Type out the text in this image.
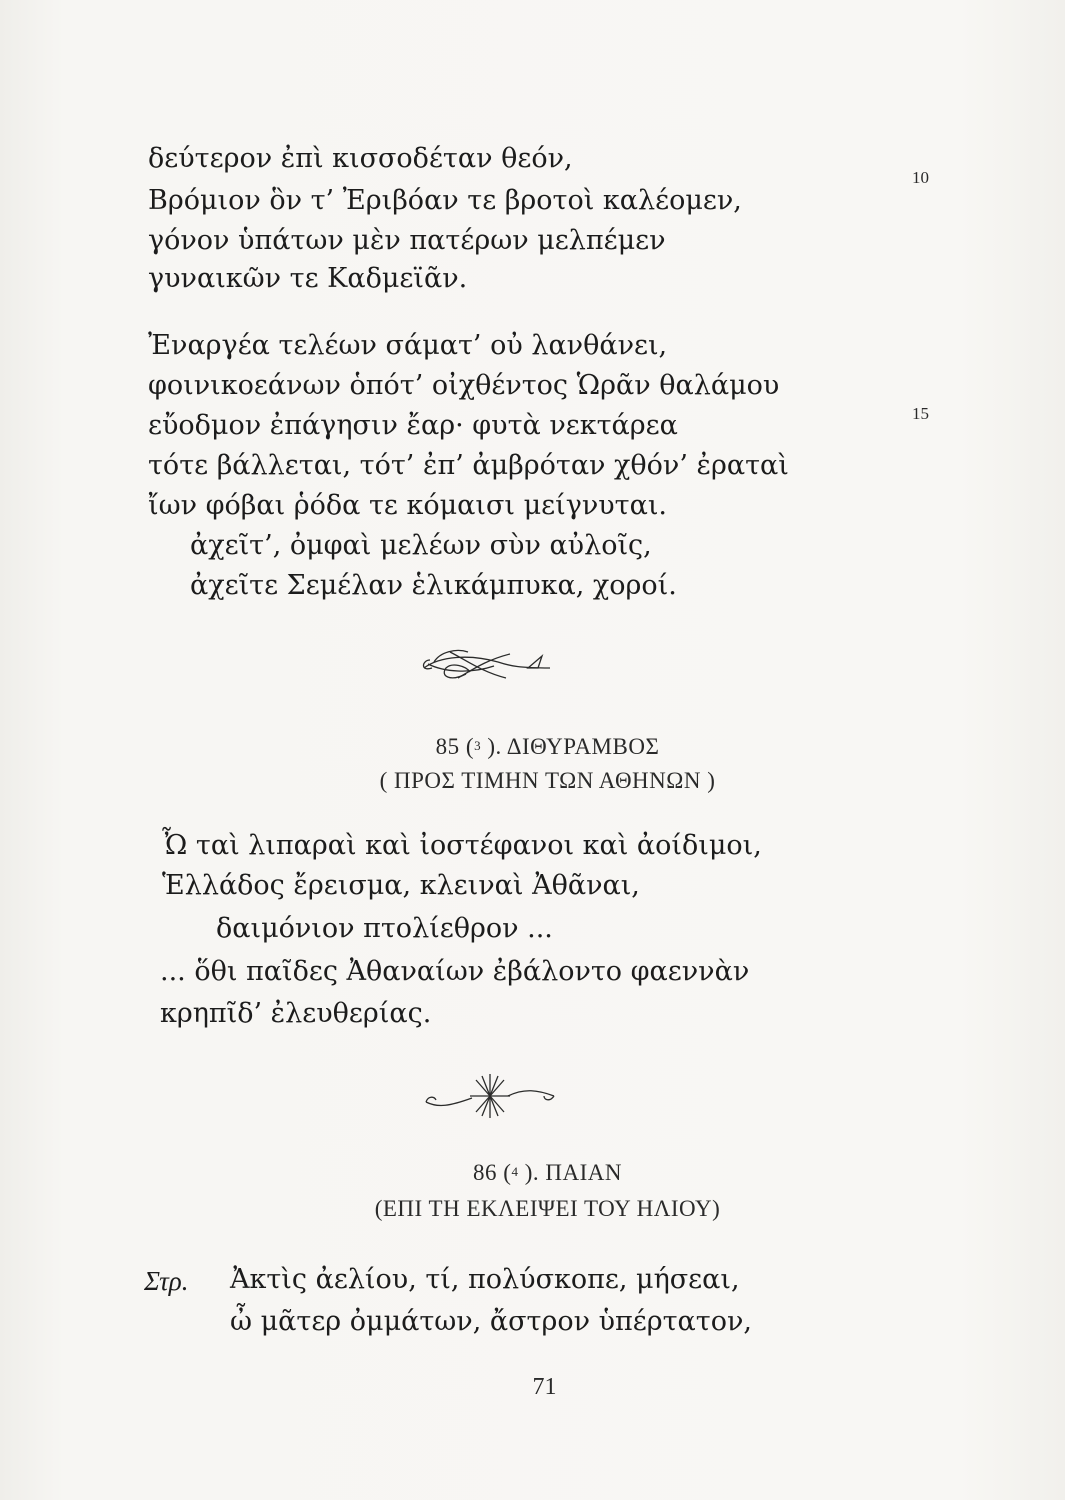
δεύτερον ἐπὶ κισσοδέταν θεόν,
Βρόμιον ὃν τ’ Ἐριβόαν τε βροτοὶ καλέομεν,
10
γόνον ὑπάτων μὲν πατέρων μελπέμεν
γυναικῶν τε Καδμεϊᾶν.
Ἐναργέα τελέων σάματ’ οὐ λανθάνει,
φοινικοεάνων ὁπότ’ οἰχθέντος Ὡρᾶν θαλάμου
εὔοδμον ἐπάγησιν ἔαρ· φυτὰ νεκτάρεα	15
τότε βάλλεται, τότ’ ἐπ’ ἀμβρόταν χθόν’ ἐραταὶ
ἴων φόβαι ῥόδα τε κόμαισι μείγνυται.
ἀχεῖτ’, ὀμφαὶ μελέων σὺν αὐλοῖς,
ἀχεῖτε Σεμέλαν ἑλικάμπυκα, χοροί.
85 ($^3$ ). ΔΙΘΥΡΑΜΒΟΣ
( ΠΡΟΣ ΤΙΜΗΝ ΤΩΝ ΑΘΗΝΩΝ )
Ὦ ταὶ λιπαραὶ καὶ ἰοστέφανοι καὶ ἀοίδιμοι,
Ἑλλάδος ἔρεισμα, κλειναὶ Ἀθᾶναι,
δαιμόνιον πτολίεθρον ...
... ὅθι παῖδες Ἀθαναίων ἐβάλοντο φαεννὰν
κρηπῖδ’ ἐλευθερίας.
86 ($^4$ ). ΠΑΙΑΝ
(ΕΠΙ ΤΗ ΕΚΛΕΙΨΕΙ ΤΟΥ ΗΛΙΟΥ)
Στρ. Ἀκτὶς ἀελίου, τί, πολύσκοπε, μήσεαι,
ὦ μᾶτερ ὀμμάτων, ἄστρον ὑπέρτατον,
71
